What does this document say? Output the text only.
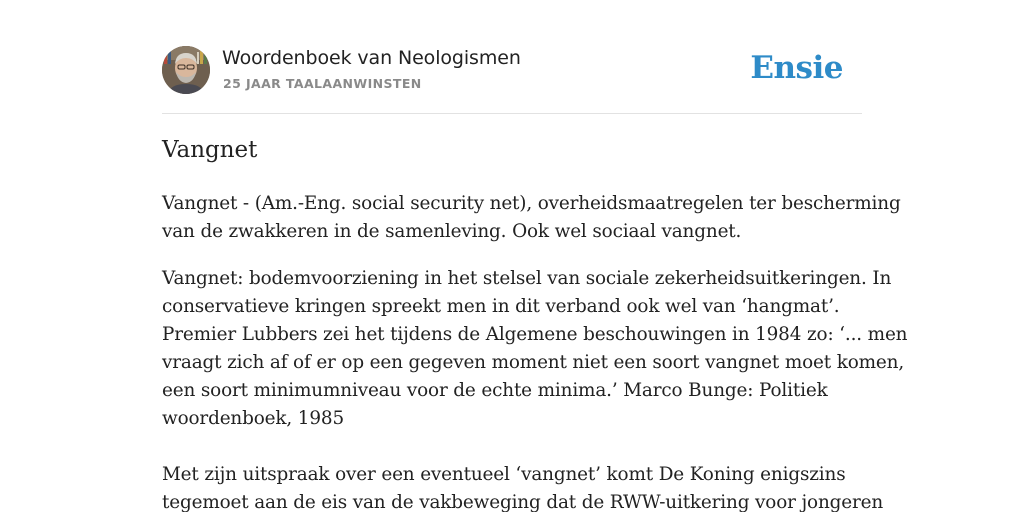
Woordenboek van Neologismen
25 JAAR TAALAANWINSTEN	Ensie
Vangnet

Vangnet - (Am.-Eng. social security net), overheidsmaatregelen ter bescherming
van de zwakkeren in de samenleving. Ook wel sociaal vangnet.

Vangnet: bodemvoorziening in het stelsel van sociale zekerheidsuitkeringen. In
conservatieve kringen spreekt men in dit verband ook wel van ‘hangmat’.
Premier Lubbers zei het tijdens de Algemene beschouwingen in 1984 zo: ‘... men
vraagt zich af of er op een gegeven moment niet een soort vangnet moet komen,
een soort minimumniveau voor de echte minima.’ Marco Bunge: Politiek
woordenboek, 1985

Met zijn uitspraak over een eventueel ‘vangnet’ komt De Koning enigszins
tegemoet aan de eis van de vakbeweging dat de RWW-uitkering voor jongeren
